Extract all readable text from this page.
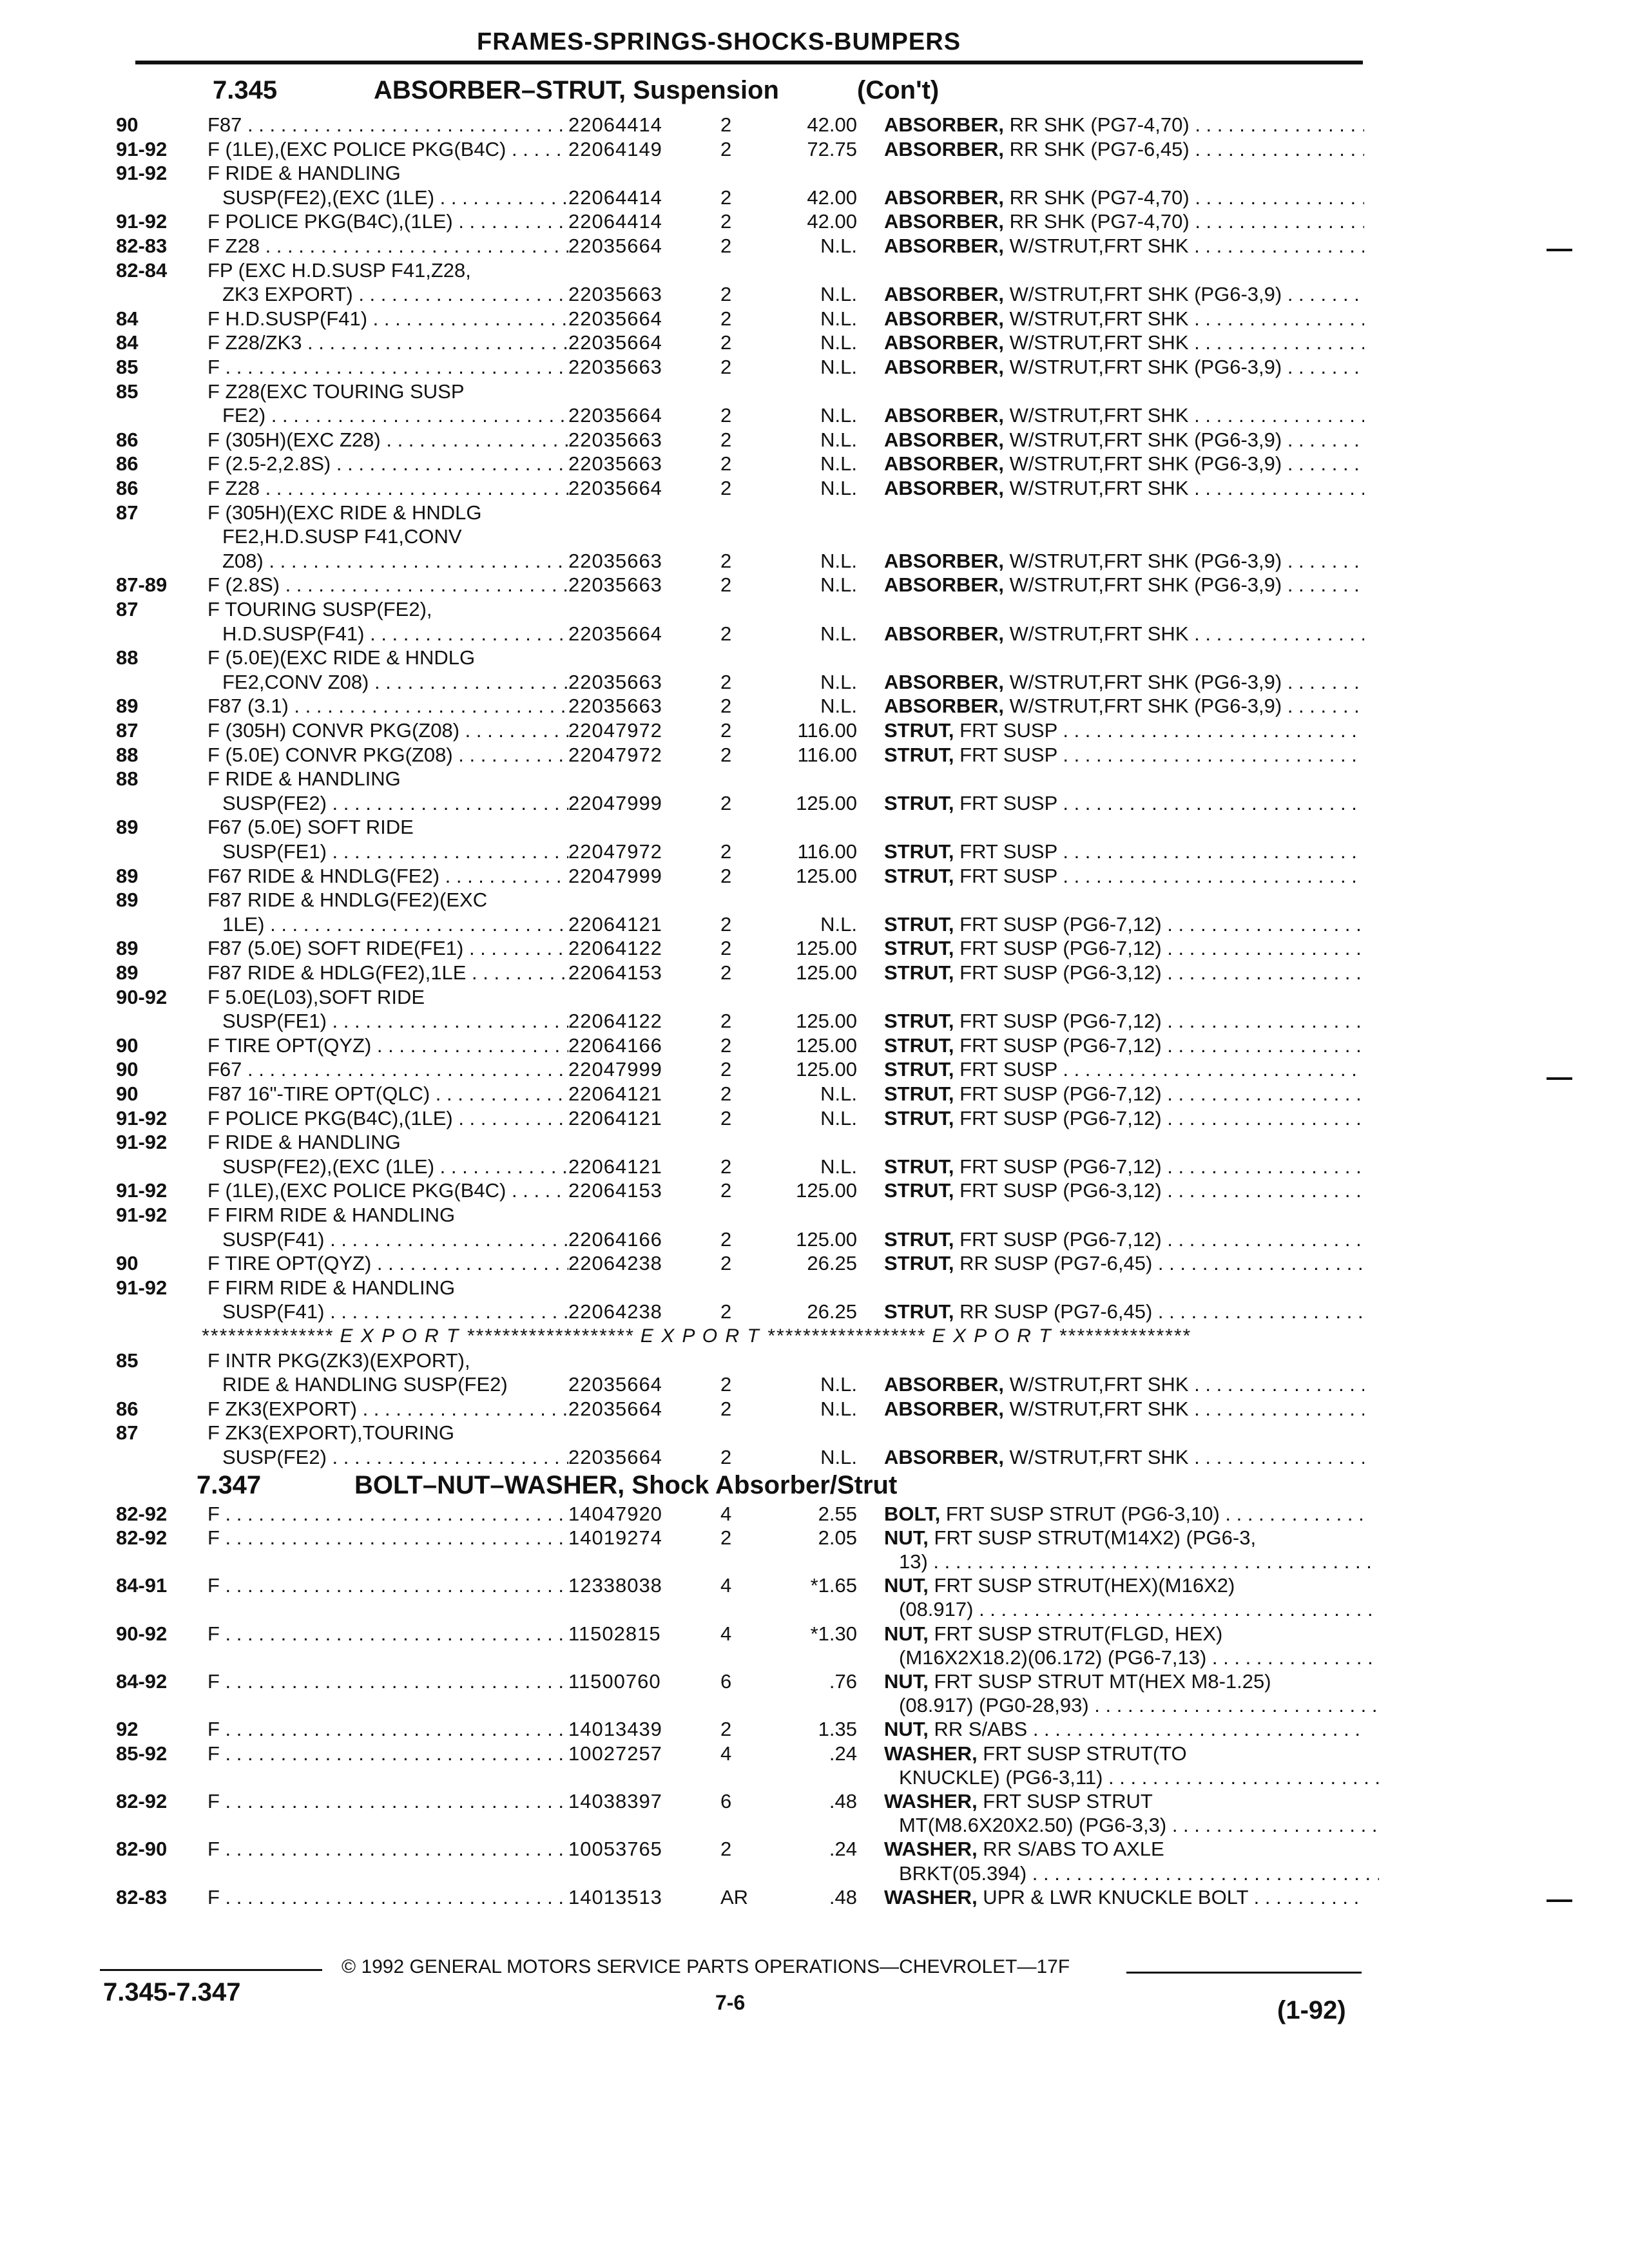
FRAMES-SPRINGS-SHOCKS-BUMPERS
7.345	ABSORBER–STRUT, Suspension	(Con't)
90	F87 . . .	22064414	2	42.00 ABSORBER, RR SHK (PG7-4,70) . . .
91-92 F (1LE),(EXC POLICE PKG(B4C) . . .	22064149	2	72.75 ABSORBER, RR SHK (PG7-6,45) . . .
91-92 F RIDE & HANDLING
SUSP(FE2),(EXC (1LE) . . .	22064414	2	42.00 ABSORBER, RR SHK (PG7-4,70) . . .
91-92 F POLICE PKG(B4C),(1LE) . . .	22064414	2	42.00 ABSORBER, RR SHK (PG7-4,70) . . .
82-83 F Z28 . . .	22035664	2	N.L. ABSORBER, W/STRUT,FRT SHK . . .
82-84 FP (EXC H.D.SUSP F41,Z28,
ZK3 EXPORT) . . .	22035663	2	N.L. ABSORBER, W/STRUT,FRT SHK (PG6-3,9) . . .
84	F H.D.SUSP(F41) . . .	22035664	2	N.L. ABSORBER, W/STRUT,FRT SHK . . .
84	F Z28/ZK3 . . .	22035664	2	N.L. ABSORBER, W/STRUT,FRT SHK . . .
85	F . . .	22035663	2	N.L. ABSORBER, W/STRUT,FRT SHK (PG6-3,9) . . .
85	F Z28(EXC TOURING SUSP
FE2) . . .	22035664	2	N.L. ABSORBER, W/STRUT,FRT SHK . . .
86	F (305H)(EXC Z28) . . .	22035663	2	N.L. ABSORBER, W/STRUT,FRT SHK (PG6-3,9) . . .
86	F (2.5-2,2.8S) . . .	22035663	2	N.L. ABSORBER, W/STRUT,FRT SHK (PG6-3,9) . . .
86	F Z28 . . .	22035664	2	N.L. ABSORBER, W/STRUT,FRT SHK . . .
87	F (305H)(EXC RIDE & HNDLG
FE2,H.D.SUSP F41,CONV
Z08) . . .	22035663	2	N.L. ABSORBER, W/STRUT,FRT SHK (PG6-3,9) . . .
87-89 F (2.8S) . . .	22035663	2	N.L. ABSORBER, W/STRUT,FRT SHK (PG6-3,9) . . .
87	F TOURING SUSP(FE2),
H.D.SUSP(F41) . . .	22035664	2	N.L. ABSORBER, W/STRUT,FRT SHK . . .
88	F (5.0E)(EXC RIDE & HNDLG
FE2,CONV Z08) . . .	22035663	2	N.L. ABSORBER, W/STRUT,FRT SHK (PG6-3,9) . . .
89	F87 (3.1) . . .	22035663	2	N.L. ABSORBER, W/STRUT,FRT SHK (PG6-3,9) . . .
87	F (305H) CONVR PKG(Z08) . . .	22047972	2	116.00 STRUT, FRT SUSP . . .
88	F (5.0E) CONVR PKG(Z08) . . .	22047972	2	116.00 STRUT, FRT SUSP . . .
88	F RIDE & HANDLING
SUSP(FE2) . . .	22047999	2	125.00 STRUT, FRT SUSP . . .
89	F67 (5.0E) SOFT RIDE
SUSP(FE1) . . .	22047972	2	116.00 STRUT, FRT SUSP . . .
89	F67 RIDE & HNDLG(FE2) . . .	22047999	2	125.00 STRUT, FRT SUSP . . .
89	F87 RIDE & HNDLG(FE2)(EXC
1LE) . . .	22064121	2	N.L. STRUT, FRT SUSP (PG6-7,12) . . .
89	F87 (5.0E) SOFT RIDE(FE1) . . .	22064122	2	125.00 STRUT, FRT SUSP (PG6-7,12) . . .
89	F87 RIDE & HDLG(FE2),1LE . . .	22064153	2	125.00 STRUT, FRT SUSP (PG6-3,12) . . .
90-92 F 5.0E(L03),SOFT RIDE
SUSP(FE1) . . .	22064122	2	125.00 STRUT, FRT SUSP (PG6-7,12) . . .
90	F TIRE OPT(QYZ) . . .	22064166	2	125.00 STRUT, FRT SUSP (PG6-7,12) . . .
90	F67 . . .	22047999	2	125.00 STRUT, FRT SUSP . . .
90	F87 16"-TIRE OPT(QLC) . . .	22064121	2	N.L. STRUT, FRT SUSP (PG6-7,12) . . .
91-92 F POLICE PKG(B4C),(1LE) . . .	22064121	2	N.L. STRUT, FRT SUSP (PG6-7,12) . . .
91-92 F RIDE & HANDLING
SUSP(FE2),(EXC (1LE) . . .	22064121	2	N.L. STRUT, FRT SUSP (PG6-7,12) . . .
91-92 F (1LE),(EXC POLICE PKG(B4C) . . .	22064153	2	125.00 STRUT, FRT SUSP (PG6-3,12) . . .
91-92 F FIRM RIDE & HANDLING
SUSP(F41) . . .	22064166	2	125.00 STRUT, FRT SUSP (PG6-7,12) . . .
90	F TIRE OPT(QYZ) . . .	22064238	2	26.25 STRUT, RR SUSP (PG7-6,45) . . .
91-92 F FIRM RIDE & HANDLING
SUSP(F41) . . .	22064238	2	26.25 STRUT, RR SUSP (PG7-6,45) . . .
*************** E X P O R T ******************* E X P O R T ****************** E X P O R T ***************
85	F INTR PKG(ZK3)(EXPORT),
RIDE & HANDLING SUSP(FE2)	22035664	2	N.L. ABSORBER, W/STRUT,FRT SHK . . .
86	F ZK3(EXPORT) . . .	22035664	2	N.L. ABSORBER, W/STRUT,FRT SHK . . .
87	F ZK3(EXPORT),TOURING
SUSP(FE2) . . .	22035664	2	N.L. ABSORBER, W/STRUT,FRT SHK . . .
7.347	BOLT–NUT–WASHER, Shock Absorber/Strut
82-92 F . . .	14047920	4	2.55 BOLT, FRT SUSP STRUT (PG6-3,10) . . .
82-92 F . . .	14019274	2	2.05 NUT, FRT SUSP STRUT(M14X2) (PG6-3,
13) . . .
84-91 F . . .	12338038	4	*1.65 NUT, FRT SUSP STRUT(HEX)(M16X2)
(08.917) . . .
90-92 F . . .	11502815	4	*1.30 NUT, FRT SUSP STRUT(FLGD, HEX)
(M16X2X18.2)(06.172) (PG6-7,13) . . .
84-92 F . . .	11500760	6	.76 NUT, FRT SUSP STRUT MT(HEX M8-1.25)
(08.917) (PG0-28,93) . . .
92	F . . .	14013439	2	1.35 NUT, RR S/ABS . . .
85-92 F . . .	10027257	4	.24 WASHER, FRT SUSP STRUT(TO
KNUCKLE) (PG6-3,11) . . .
82-92 F . . .	14038397	6	.48 WASHER, FRT SUSP STRUT
MT(M8.6X20X2.50) (PG6-3,3) . . .
82-90 F . . .	10053765	2	.24 WASHER, RR S/ABS TO AXLE
BRKT(05.394) . . .
82-83 F . . .	14013513	AR	.48 WASHER, UPR & LWR KNUCKLE BOLT . . .
© 1992 GENERAL MOTORS SERVICE PARTS OPERATIONS—CHEVROLET—17F
7.345-7.347	7-6	(1-92)
